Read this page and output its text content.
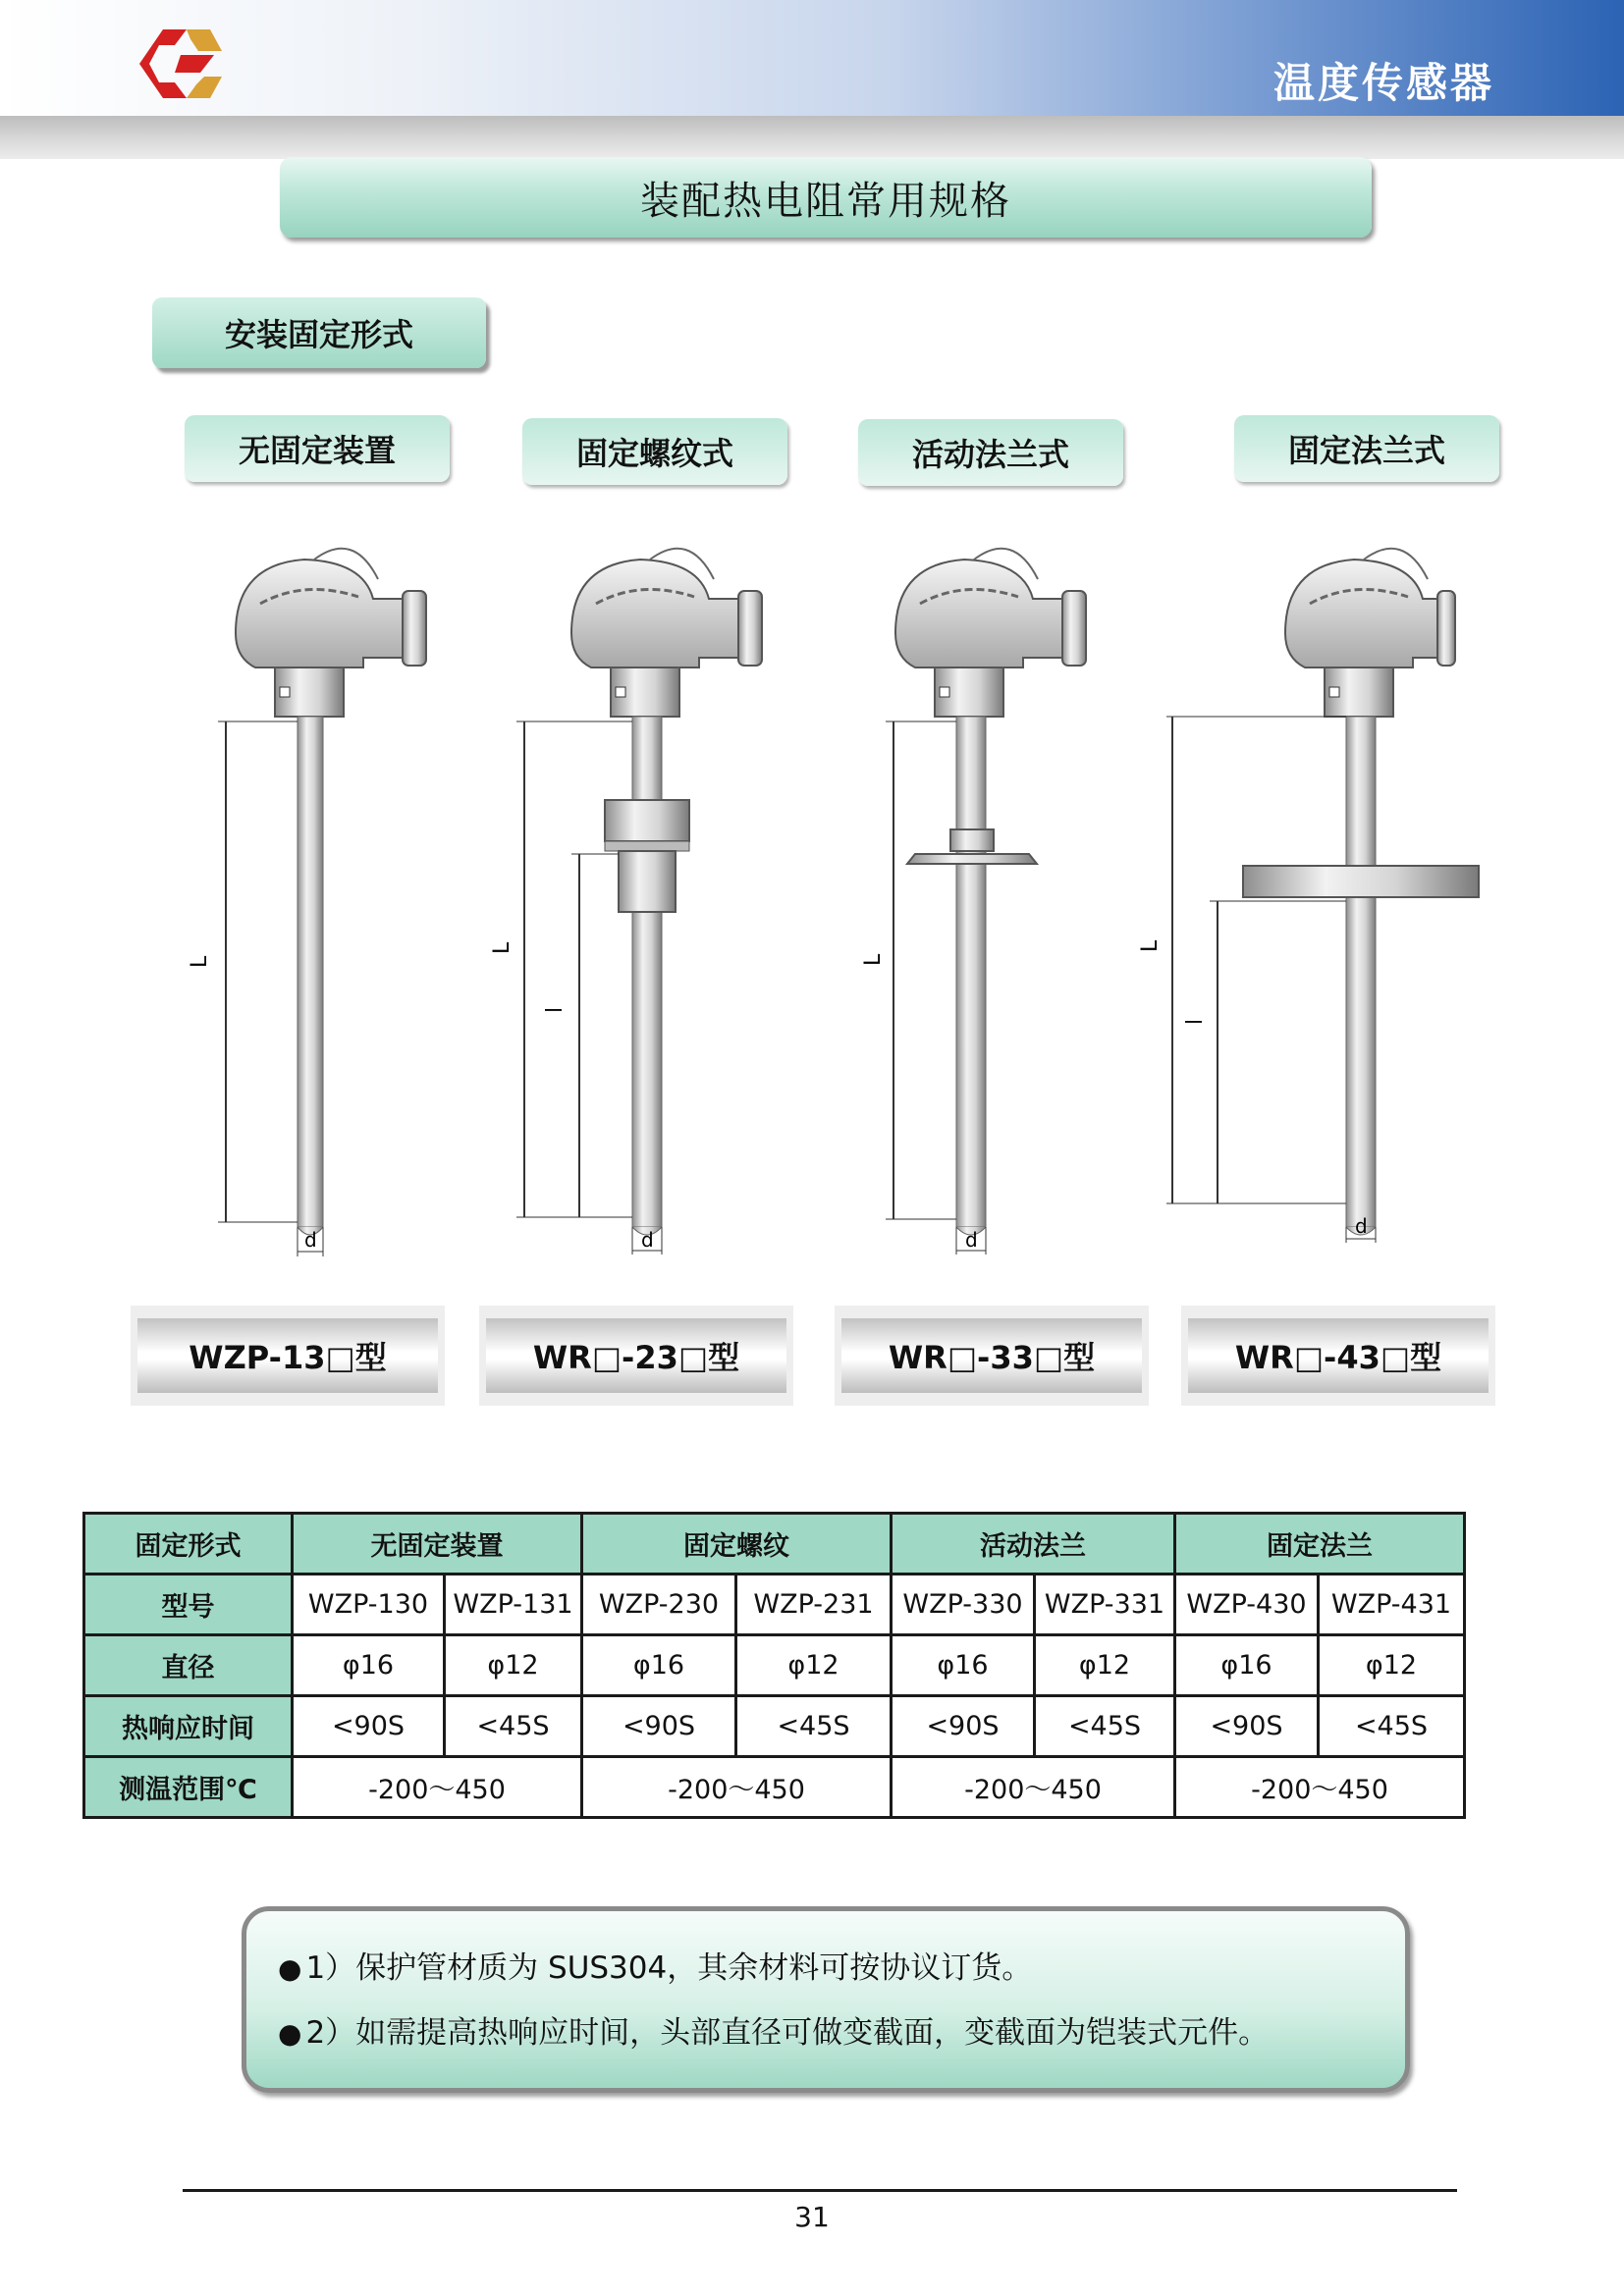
温度传感器
装配热电阻常用规格
安装固定形式
无固定装置	固定螺纹式	活动法兰式	固定法兰式
L
d
L
l
d
L
d
L
l
d
WZP-13□型	WR□-23□型	WR□-33□型	WR□-43□型
固定形式	无固定装置		固定螺纹		活动法兰		固定法兰	
型号	WZP-130	WZP-131	WZP-230	WZP-231	WZP-330	WZP-331	WZP-430	WZP-431
直径	φ16	φ12	φ16	φ12	φ16	φ12	φ16	φ12
热响应时间	<90S	<45S	<90S	<45S	<90S	<45S	<90S	<45S
测温范围℃	-200～450		-200～450		-200～450		-200～450	
● 1）保护管材质为 SUS304，其余材料可按协议订货。
● 2）如需提高热响应时间，头部直径可做变截面，变截面为铠装式元件。
31
